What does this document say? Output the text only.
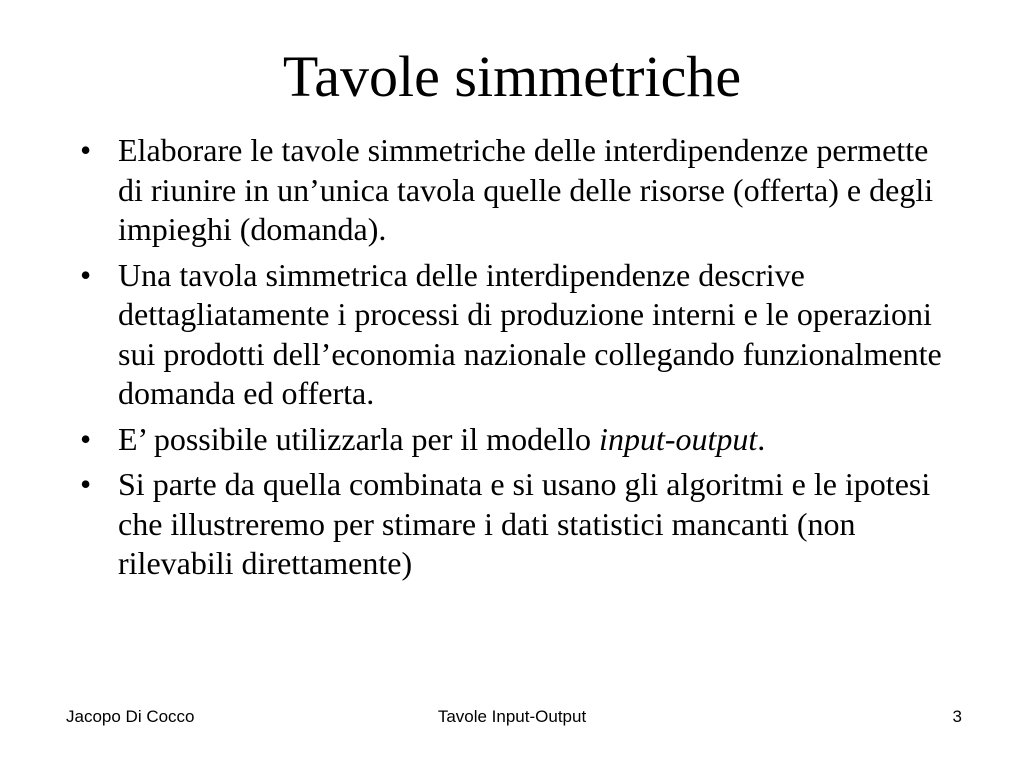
Tavole simmetriche
• Elaborare le tavole simmetriche delle interdipendenze permette di riunire in un’unica tavola quelle delle risorse (offerta) e degli impieghi (domanda).
• Una tavola simmetrica delle interdipendenze descrive dettagliatamente i processi di produzione interni e le operazioni sui prodotti dell’economia nazionale collegando funzionalmente domanda ed offerta.
• E’ possibile utilizzarla per il modello input-output.
• Si parte da quella combinata e si usano gli algoritmi e le ipotesi che illustreremo per stimare i dati statistici mancanti (non rilevabili direttamente)
Jacopo Di Cocco	Tavole Input-Output	3
